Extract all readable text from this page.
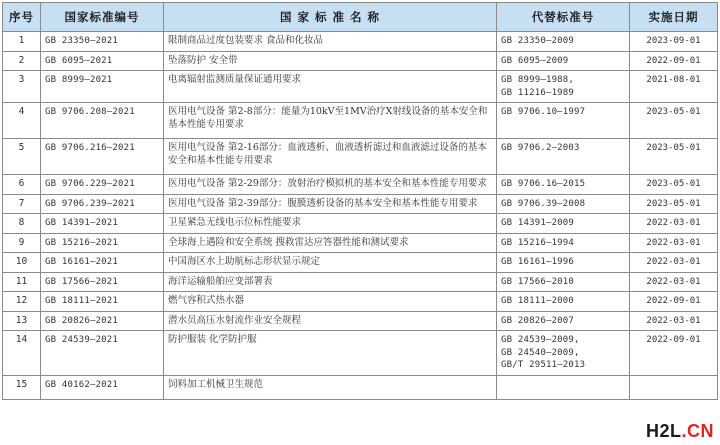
序号	国家标准编号	国 家 标 准 名 称	代替标准号	实施日期
1	GB 23350—2021	限制商品过度包装要求 食品和化妆品	GB 23350—2009	2023-09-01
2	GB 6095—2021	坠落防护 安全带	GB 6095—2009	2022-09-01
3	GB 8999—2021	电离辐射监测质量保证通用要求	GB 8999—1988,
GB 11216—1989	2021-08-01
4	GB 9706.208—2021	医用电气设备 第2-8部分：能量为10kV至1MV治疗X射线设备的基本安全和基本性能专用要求	GB 9706.10—1997	2023-05-01
5	GB 9706.216—2021	医用电气设备 第2-16部分：血液透析、血液透析滤过和血液滤过设备的基本安全和基本性能专用要求	GB 9706.2—2003	2023-05-01
6	GB 9706.229—2021	医用电气设备 第2-29部分：放射治疗模拟机的基本安全和基本性能专用要求	GB 9706.16—2015	2023-05-01
7	GB 9706.239—2021	医用电气设备 第2-39部分：腹膜透析设备的基本安全和基本性能专用要求	GB 9706.39—2008	2023-05-01
8	GB 14391—2021	卫星紧急无线电示位标性能要求	GB 14391—2009	2022-03-01
9	GB 15216—2021	全球海上遇险和安全系统 搜救雷达应答器性能和测试要求	GB 15216—1994	2022-03-01
10	GB 16161—2021	中国海区水上助航标志形状显示规定	GB 16161—1996	2022-03-01
11	GB 17566—2021	海洋运输船舶应变部署表	GB 17566—2010	2022-03-01
12	GB 18111—2021	燃气容积式热水器	GB 18111—2000	2022-09-01
13	GB 20826—2021	潜水员高压水射流作业安全规程	GB 20826—2007	2022-03-01
14	GB 24539—2021	防护服装 化学防护服	GB 24539—2009,
GB 24540—2009,
GB/T 29511—2013	2022-09-01
15	GB 40162—2021	饲料加工机械卫生规范		
H2L.CN
